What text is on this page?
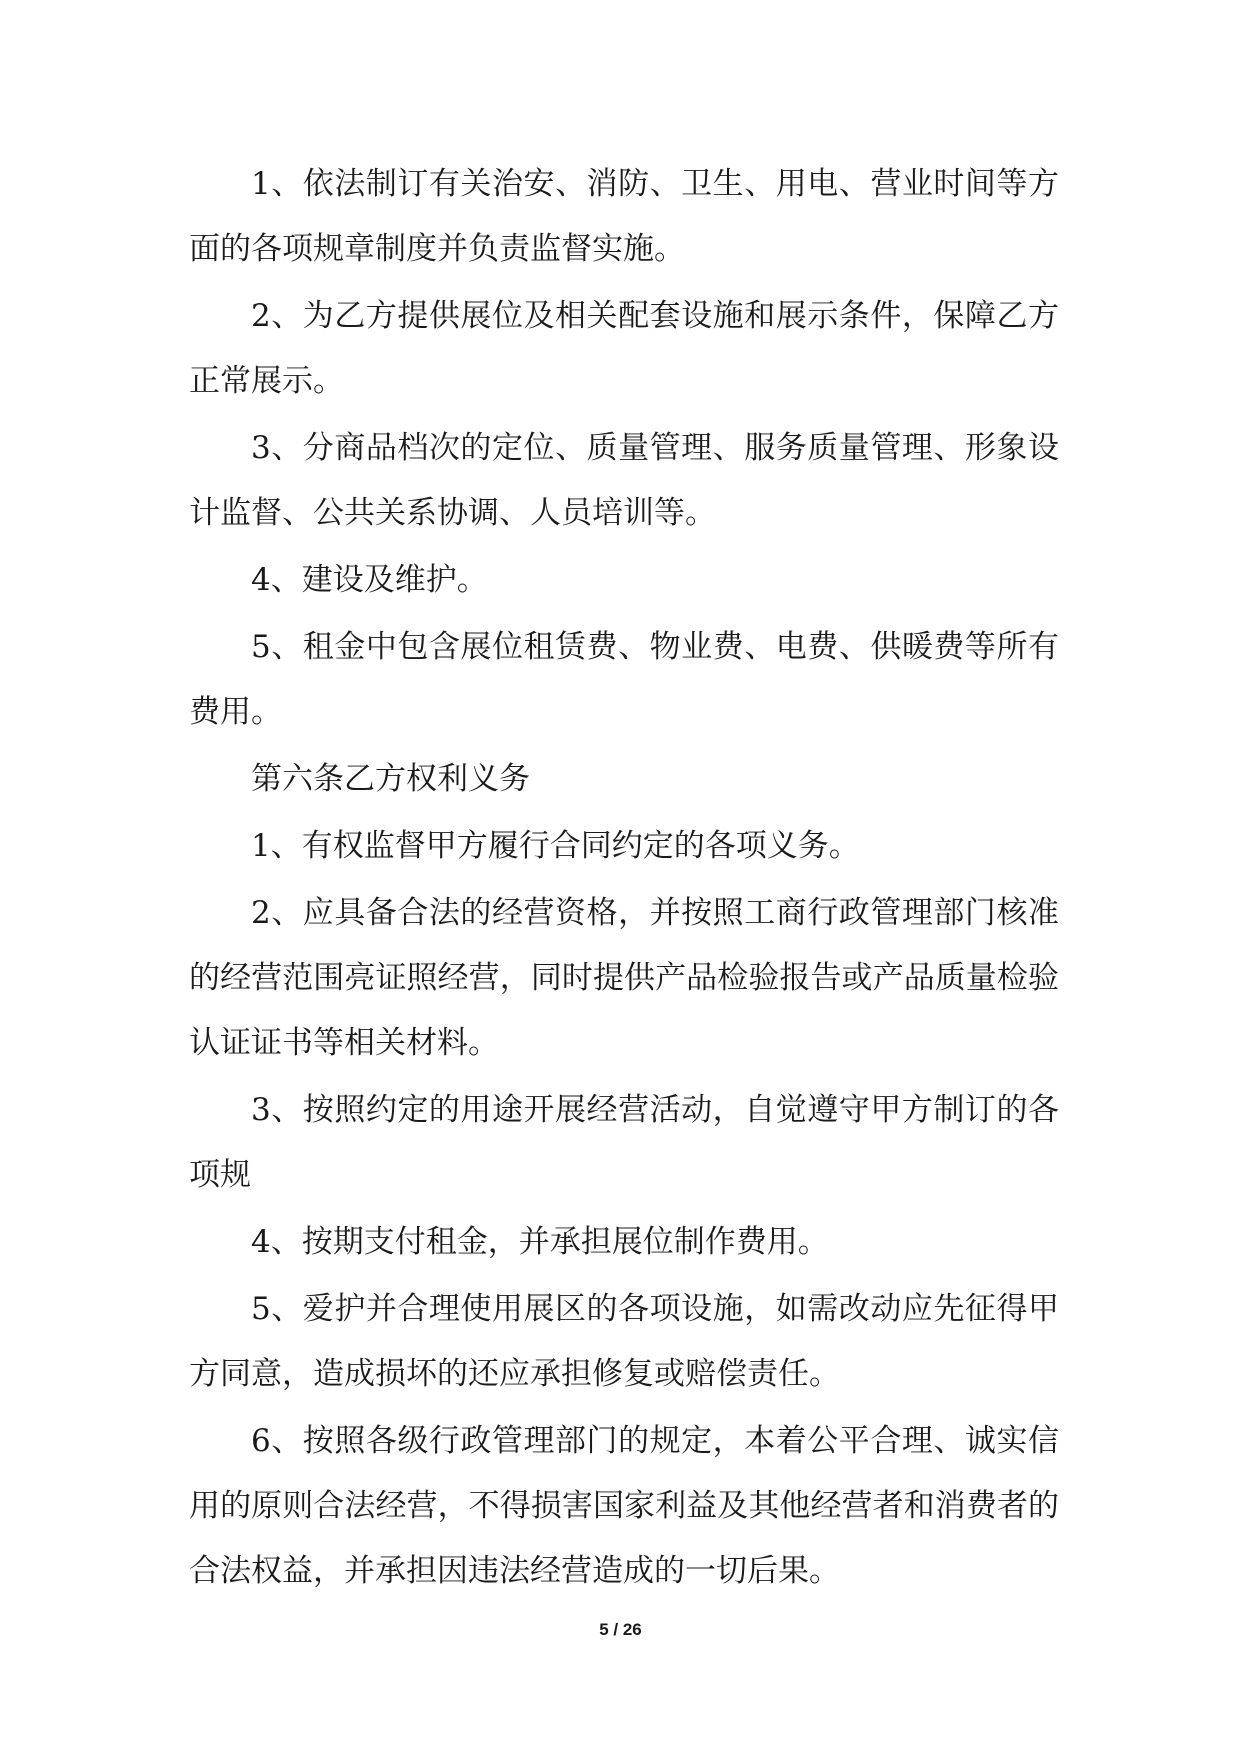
1、依法制订有关治安、消防、卫生、用电、营业时间等方面的各项规章制度并负责监督实施。

2、为乙方提供展位及相关配套设施和展示条件，保障乙方正常展示。

3、分商品档次的定位、质量管理、服务质量管理、形象设计监督、公共关系协调、人员培训等。

4、建设及维护。

5、租金中包含展位租赁费、物业费、电费、供暖费等所有费用。

第六条乙方权利义务

1、有权监督甲方履行合同约定的各项义务。

2、应具备合法的经营资格，并按照工商行政管理部门核准的经营范围亮证照经营，同时提供产品检验报告或产品质量检验认证证书等相关材料。

3、按照约定的用途开展经营活动，自觉遵守甲方制订的各项规

4、按期支付租金，并承担展位制作费用。

5、爱护并合理使用展区的各项设施，如需改动应先征得甲方同意，造成损坏的还应承担修复或赔偿责任。

6、按照各级行政管理部门的规定，本着公平合理、诚实信用的原则合法经营，不得损害国家利益及其他经营者和消费者的合法权益，并承担因违法经营造成的一切后果。

5 / 26
